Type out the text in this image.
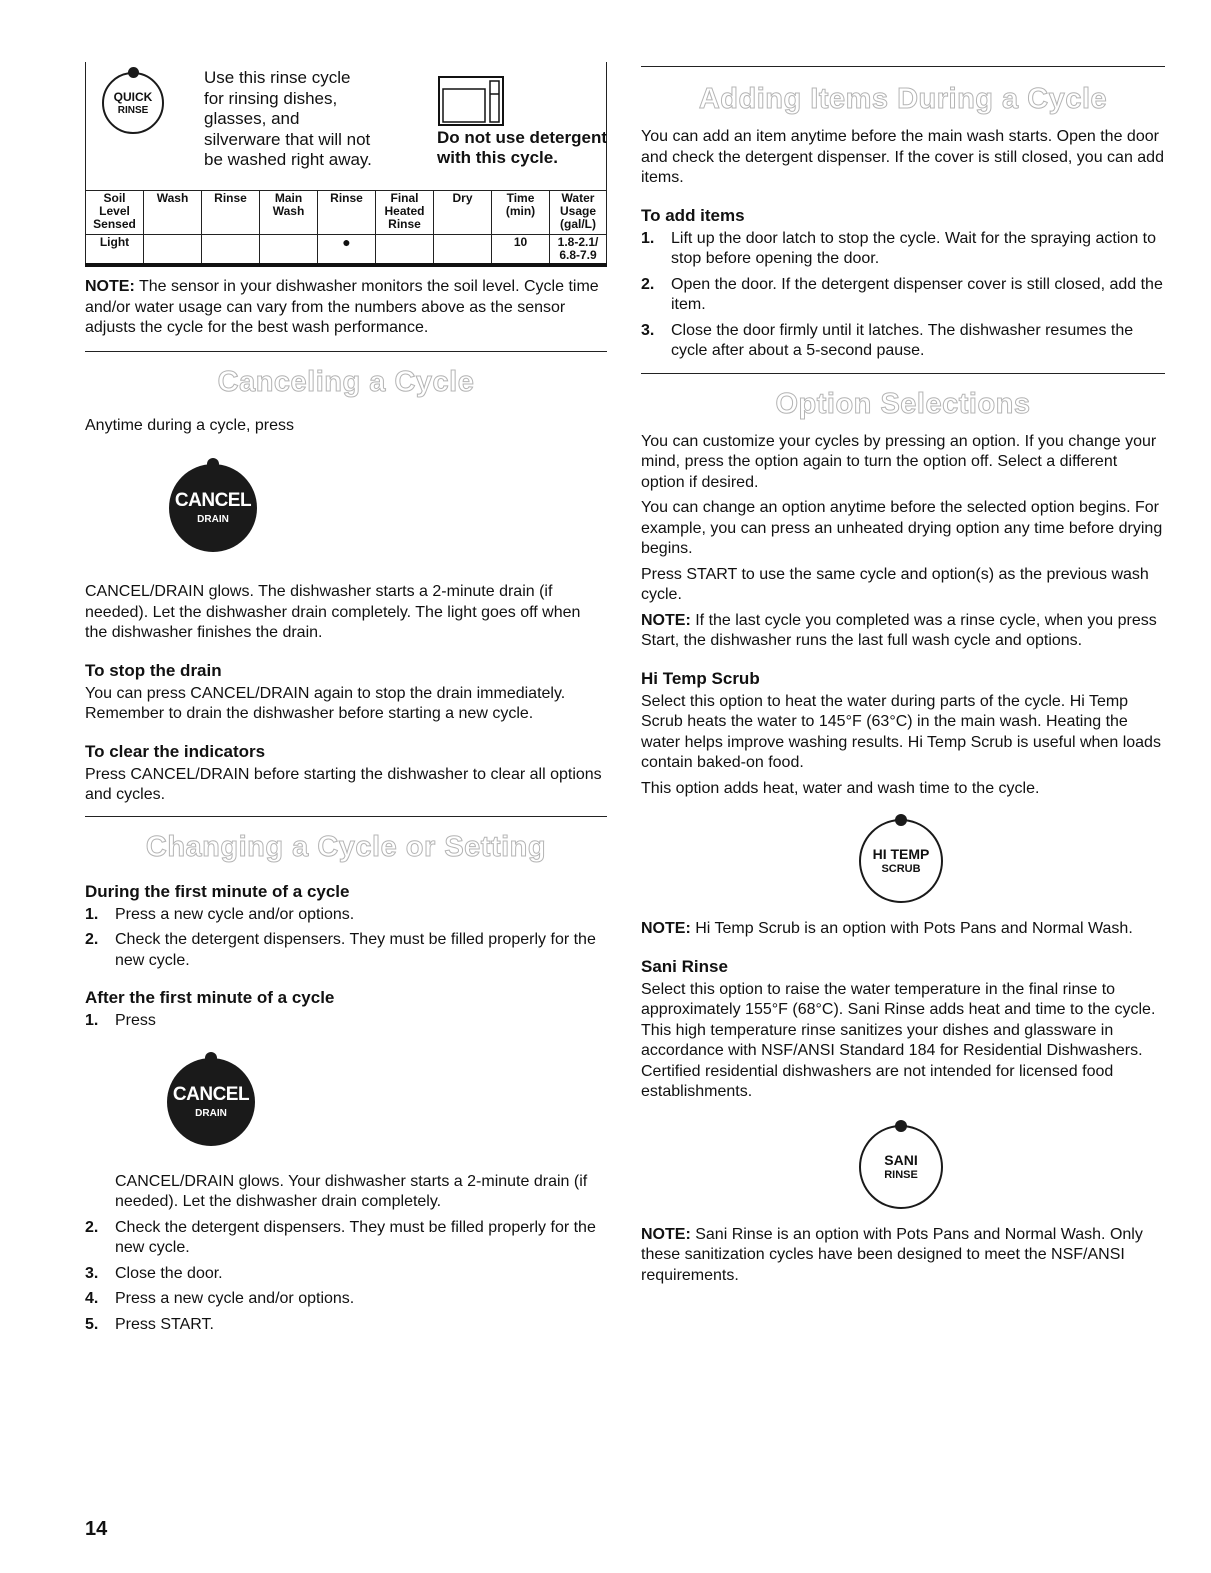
QUICK
RINSE

Use this rinse cycle for rinsing dishes, glasses, and silverware that will not be washed right away.

Do not use detergent with this cycle.

Soil Level Sensed	Wash	Rinse	Main Wash	Rinse	Final Heated Rinse	Dry	Time (min)	Water Usage (gal/L)
Light				●			10	1.8-2.1/ 6.8-7.9

NOTE: The sensor in your dishwasher monitors the soil level. Cycle time and/or water usage can vary from the numbers above as the sensor adjusts the cycle for the best wash performance.

Canceling a Cycle

Anytime during a cycle, press

CANCEL
DRAIN

CANCEL/DRAIN glows. The dishwasher starts a 2-minute drain (if needed). Let the dishwasher drain completely. The light goes off when the dishwasher finishes the drain.

To stop the drain

You can press CANCEL/DRAIN again to stop the drain immediately. Remember to drain the dishwasher before starting a new cycle.

To clear the indicators

Press CANCEL/DRAIN before starting the dishwasher to clear all options and cycles.

Changing a Cycle or Setting
During the first minute of a cycle
1. Press a new cycle and/or options.
2. Check the detergent dispensers. They must be filled properly for the new cycle.
After the first minute of a cycle
1. Press
CANCEL
DRAIN
CANCEL/DRAIN glows. Your dishwasher starts a 2-minute drain (if needed). Let the dishwasher drain completely.
2. Check the detergent dispensers. They must be filled properly for the new cycle.
3. Close the door.
4. Press a new cycle and/or options.
5. Press START.
Adding Items During a Cycle

You can add an item anytime before the main wash starts. Open the door and check the detergent dispenser. If the cover is still closed, you can add items.

To add items
1. Lift up the door latch to stop the cycle. Wait for the spraying action to stop before opening the door.
2. Open the door. If the detergent dispenser cover is still closed, add the item.
3. Close the door firmly until it latches. The dishwasher resumes the cycle after about a 5-second pause.
Option Selections

You can customize your cycles by pressing an option. If you change your mind, press the option again to turn the option off. Select a different option if desired.

You can change an option anytime before the selected option begins. For example, you can press an unheated drying option any time before drying begins.

Press START to use the same cycle and option(s) as the previous wash cycle.

NOTE: If the last cycle you completed was a rinse cycle, when you press Start, the dishwasher runs the last full wash cycle and options.

Hi Temp Scrub

Select this option to heat the water during parts of the cycle. Hi Temp Scrub heats the water to 145°F (63°C) in the main wash. Heating the water helps improve washing results. Hi Temp Scrub is useful when loads contain baked-on food.

This option adds heat, water and wash time to the cycle.

HI TEMP
SCRUB

NOTE: Hi Temp Scrub is an option with Pots Pans and Normal Wash.

Sani Rinse

Select this option to raise the water temperature in the final rinse to approximately 155°F (68°C). Sani Rinse adds heat and time to the cycle. This high temperature rinse sanitizes your dishes and glassware in accordance with NSF/ANSI Standard 184 for Residential Dishwashers. Certified residential dishwashers are not intended for licensed food establishments.

SANI
RINSE

NOTE: Sani Rinse is an option with Pots Pans and Normal Wash. Only these sanitization cycles have been designed to meet the NSF/ANSI requirements.

14
